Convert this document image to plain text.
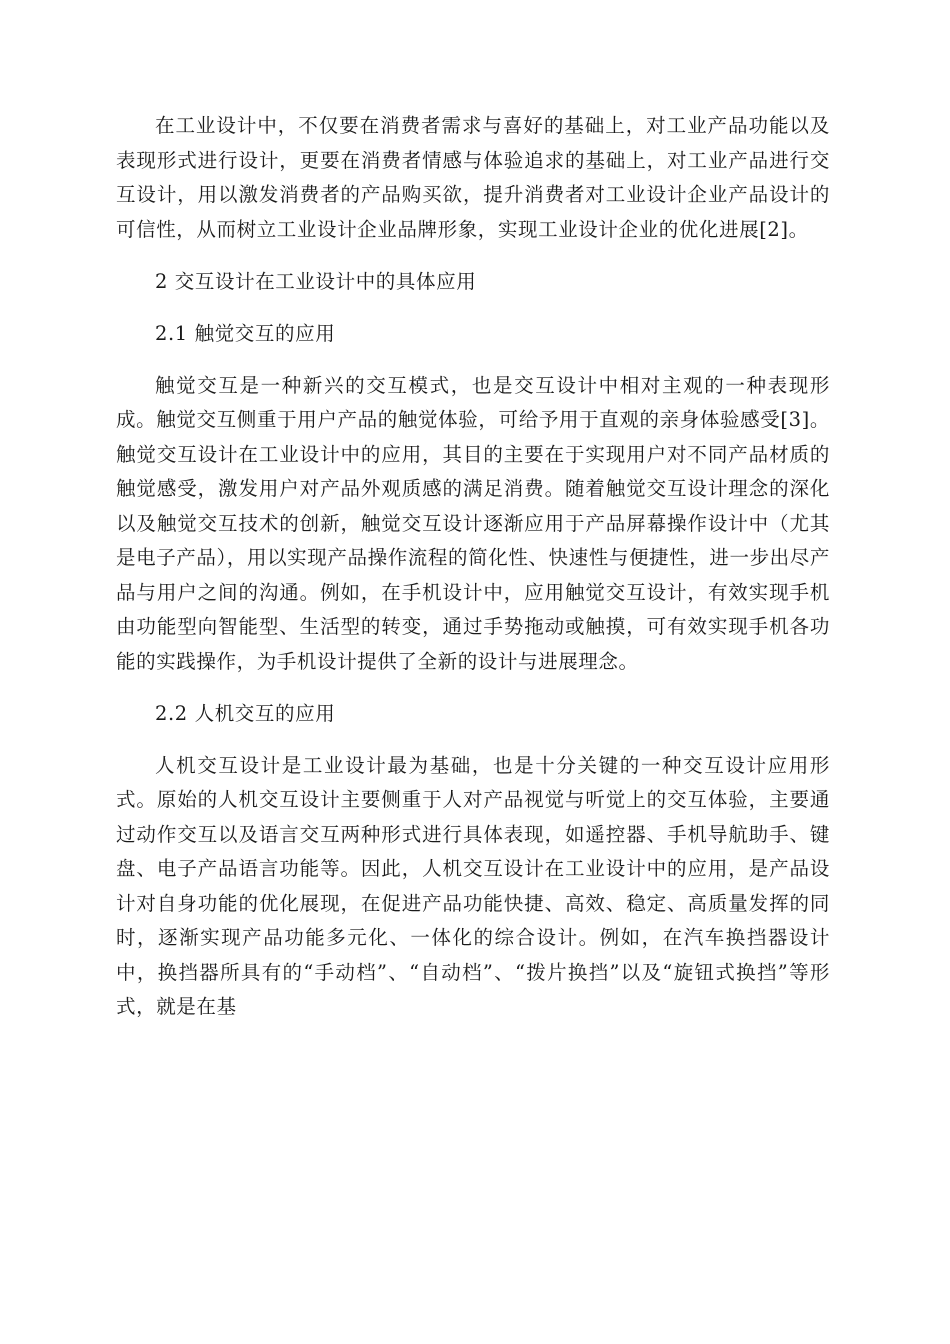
在工业设计中，不仅要在消费者需求与喜好的基础上，对工业产品功能以及表现形式进行设计，更要在消费者情感与体验追求的基础上，对工业产品进行交互设计，用以激发消费者的产品购买欲，提升消费者对工业设计企业产品设计的可信性，从而树立工业设计企业品牌形象，实现工业设计企业的优化进展[2]。

2 交互设计在工业设计中的具体应用

2.1 触觉交互的应用

触觉交互是一种新兴的交互模式，也是交互设计中相对主观的一种表现形成。触觉交互侧重于用户产品的触觉体验，可给予用于直观的亲身体验感受[3]。触觉交互设计在工业设计中的应用，其目的主要在于实现用户对不同产品材质的触觉感受，激发用户对产品外观质感的满足消费。随着触觉交互设计理念的深化以及触觉交互技术的创新，触觉交互设计逐渐应用于产品屏幕操作设计中（尤其是电子产品），用以实现产品操作流程的简化性、快速性与便捷性，进一步出尽产品与用户之间的沟通。例如，在手机设计中，应用触觉交互设计，有效实现手机由功能型向智能型、生活型的转变，通过手势拖动或触摸，可有效实现手机各功能的实践操作，为手机设计提供了全新的设计与进展理念。

2.2 人机交互的应用

人机交互设计是工业设计最为基础，也是十分关键的一种交互设计应用形式。原始的人机交互设计主要侧重于人对产品视觉与听觉上的交互体验，主要通过动作交互以及语言交互两种形式进行具体表现，如遥控器、手机导航助手、键盘、电子产品语言功能等。因此，人机交互设计在工业设计中的应用，是产品设计对自身功能的优化展现，在促进产品功能快捷、高效、稳定、高质量发挥的同时，逐渐实现产品功能多元化、一体化的综合设计。例如，在汽车换挡器设计中，换挡器所具有的“手动档”、“自动档”、“拨片换挡”以及“旋钮式换挡”等形式，就是在基
